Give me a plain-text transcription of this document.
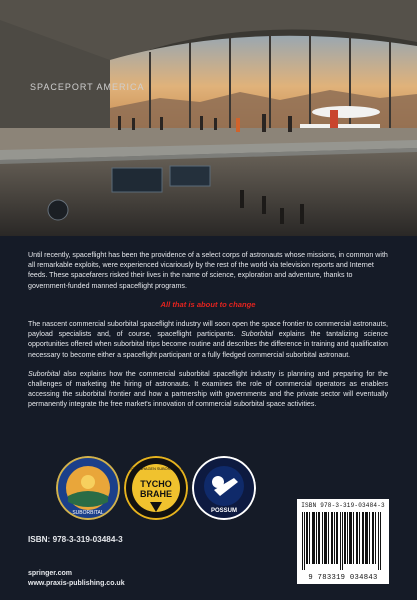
SPACEPORT AMERICA

Until recently, spaceflight has been the providence of a select corps of astronauts whose missions, in common with all remarkable exploits, were experienced vicariously by the rest of the world via television reports and Internet feeds. These spacefarers risked their lives in the name of science, exploration and adventure, thanks to government-funded manned spaceflight programs.

All that is about to change

The nascent commercial suborbital spaceflight industry will soon open the space frontier to commercial astronauts, payload specialists and, of course, spaceflight participants. Suborbital explains the tantalizing science opportunities offered when suborbital trips become routine and describes the difference in training and qualification necessary to become either a spaceflight participant or a fully fledged commercial suborbital astronaut.

Suborbital also explains how the commercial suborbital spaceflight industry is planning and preparing for the challenges of marketing the hiring of astronauts. It examines the role of commercial operators as enablers accessing the suborbital frontier and how a partnership with governments and the private sector will eventually permanently integrate the free market's innovation of commercial suborbital space activities.

SUBORBITAL
COPENHAGEN SUBORBITALS
TYCHO
BRAHE
POSSUM
ISBN: 978-3-319-03484-3
springer.com
www.praxis-publishing.co.uk
ISBN 978-3-319-03484-3
9 783319 034843
